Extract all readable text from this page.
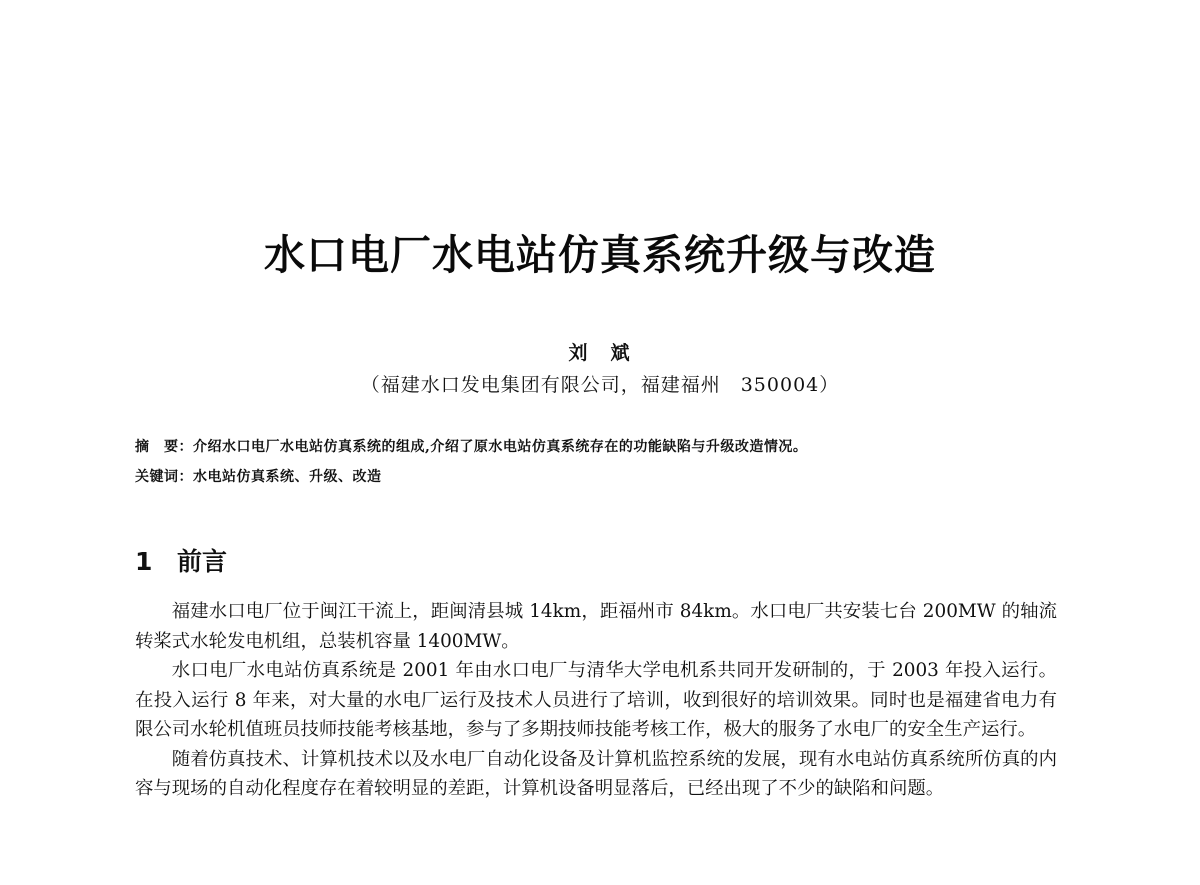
水口电厂水电站仿真系统升级与改造
刘　斌
（福建水口发电集团有限公司，福建福州　350004）
摘　要：介绍水口电厂水电站仿真系统的组成,介绍了原水电站仿真系统存在的功能缺陷与升级改造情况。
关键词：水电站仿真系统、升级、改造
1 前言

福建水口电厂位于闽江干流上，距闽清县城 14km，距福州市 84km。水口电厂共安装七台 200MW 的轴流转桨式水轮发电机组，总装机容量 1400MW。

水口电厂水电站仿真系统是 2001 年由水口电厂与清华大学电机系共同开发研制的，于 2003 年投入运行。在投入运行 8 年来，对大量的水电厂运行及技术人员进行了培训，收到很好的培训效果。同时也是福建省电力有限公司水轮机值班员技师技能考核基地，参与了多期技师技能考核工作，极大的服务了水电厂的安全生产运行。

随着仿真技术、计算机技术以及水电厂自动化设备及计算机监控系统的发展，现有水电站仿真系统所仿真的内容与现场的自动化程度存在着较明显的差距，计算机设备明显落后，已经出现了不少的缺陷和问题。
